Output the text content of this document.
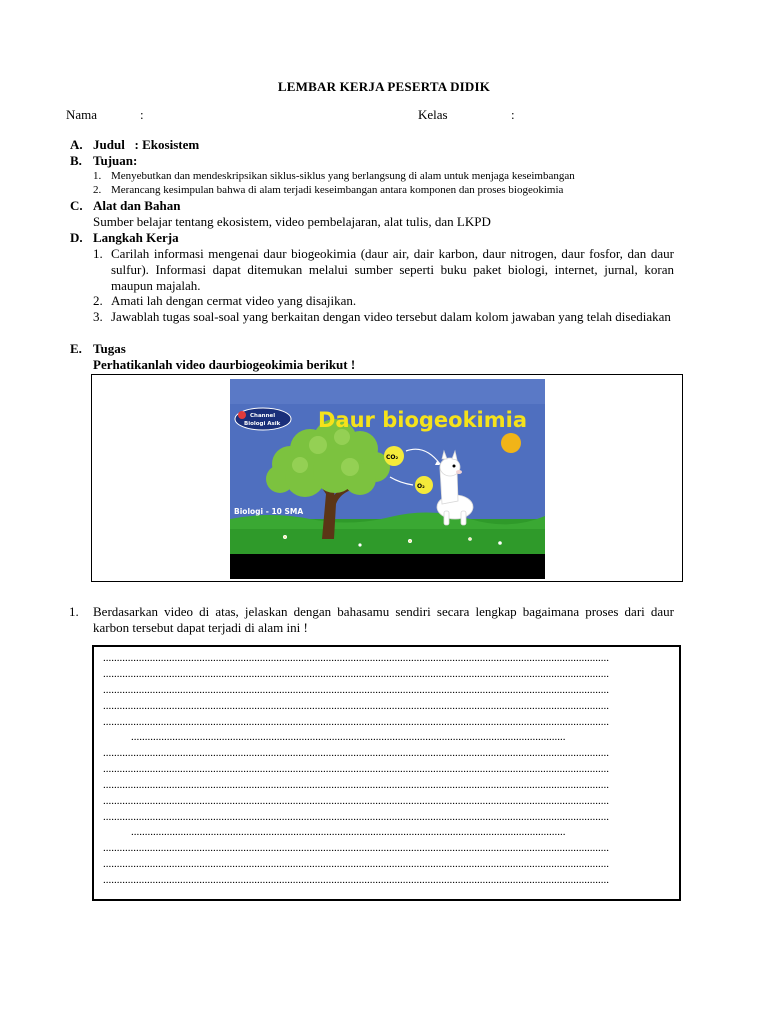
LEMBAR KERJA PESERTA DIDIK
Nama	:	Kelas	:
A. Judul   : Ekosistem
B. Tujuan:
1. Menyebutkan dan mendeskripsikan siklus-siklus yang berlangsung di alam untuk menjaga keseimbangan
2. Merancang kesimpulan bahwa di alam terjadi keseimbangan antara komponen dan proses biogeokimia
C. Alat dan Bahan
Sumber belajar tentang ekosistem, video pembelajaran, alat tulis, dan LKPD
D. Langkah Kerja
1. Carilah informasi mengenai daur biogeokimia (daur air, dair karbon, daur nitrogen, daur fosfor, dan daur sulfur). Informasi dapat ditemukan melalui sumber seperti buku paket biologi, internet, jurnal, koran maupun majalah.
2. Amati lah dengan cermat video yang disajikan.
3. Jawablah tugas soal-soal yang berkaitan dengan video tersebut dalam kolom jawaban yang telah disediakan
E. Tugas
Perhatikanlah video daurbiogeokimia berikut !
Channel
Biologi Asik Daur biogeokimia
CO₂
O₂
Biologi - 10 SMA
1. Berdasarkan video di atas, jelaskan dengan bahasamu sendiri secara lengkap bagaimana proses dari daur karbon tersebut dapat terjadi di alam ini !
........................................................................................................................................................................................
........................................................................................................................................................................................
........................................................................................................................................................................................
........................................................................................................................................................................................
........................................................................................................................................................................................
..............................................................................................................................................................
........................................................................................................................................................................................
........................................................................................................................................................................................
........................................................................................................................................................................................
........................................................................................................................................................................................
........................................................................................................................................................................................
..............................................................................................................................................................
........................................................................................................................................................................................
........................................................................................................................................................................................
........................................................................................................................................................................................
